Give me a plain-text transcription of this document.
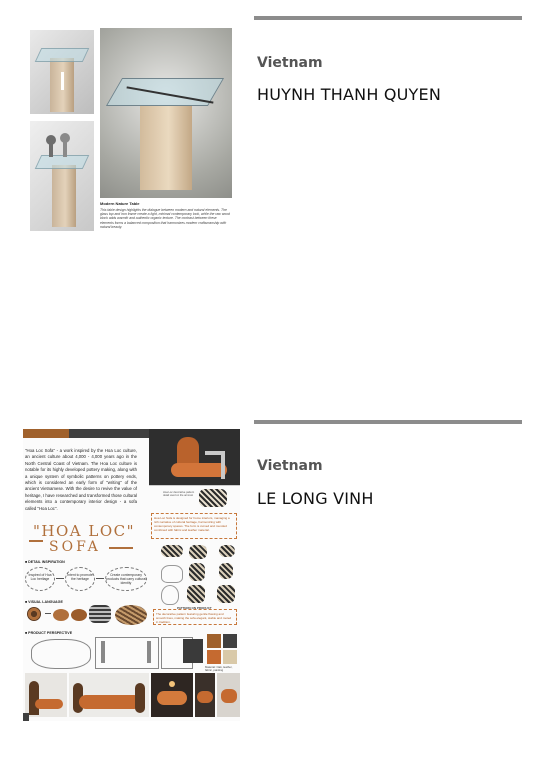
Vietnam
HUYNH THANH QUYEN
Modern Nature Table
This table design highlights the dialogue between modern and natural elements. The glass top and iron frame create a light, minimal contemporary look, while the raw wood block adds warmth and authentic organic texture. The contrast between these elements forms a balanced composition that harmonizes modern craftsmanship with natural beauty.
Vietnam
LE LONG VINH
"Hoa Loc Sofa" - a work inspired by the Hoa Loc culture, an ancient culture about 4,000 - 4,000 years ago in the North Central Coast of Vietnam. The Hoa Loc culture is notable for its highly developed pottery making, along with a unique system of symbolic patterns on pottery ends, which is considered an early form of "writing" of the ancient Vietnamese. With the desire to revive the value of heritage, I have researched and transformed those cultural elements into a contemporary interior design - a sofa called "Hoa Loc".
Hoa Loc Sofa is designed for home interiors, managing a rich narrative of cultural heritage, harmonizing with contemporary spaces. The form is curved and rounded combined with fabric and leather material.
Hoa Loc decorative pattern detail used on the armrest
"HOA LOC"
SOFA
■ DETAIL INSPIRATION
Inspired of Hoa Loc heritage
Intent to promote the heritage
Create contemporary products that carry cultural identity
PATTERN ON PRODUCT
■ VISUAL LANGUAGE
The decorative pattern featuring gentle flowing and smooth lines, making the sofa elegant, stable and rooted in tradition.
■ PRODUCT PERSPECTIVE
Material: Oak, leather, fabric, painting
